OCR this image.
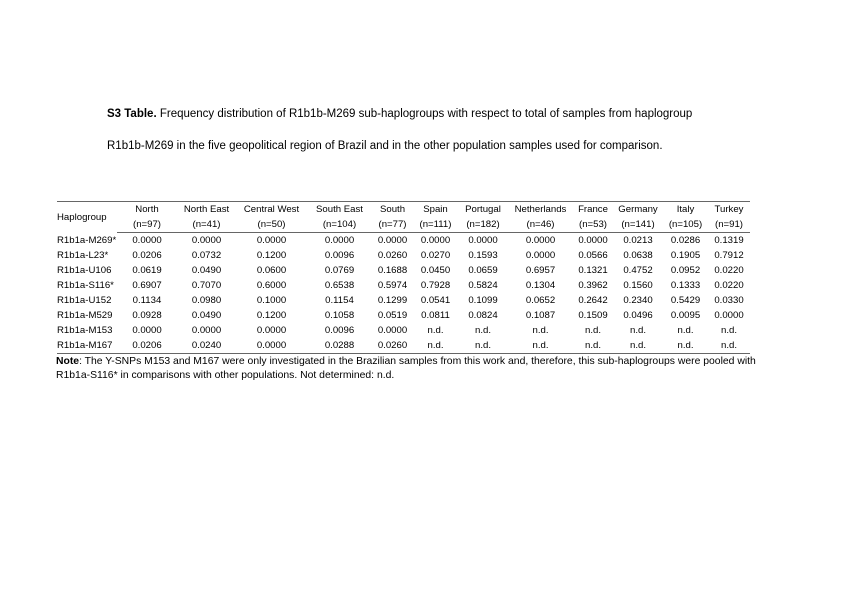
S3 Table. Frequency distribution of R1b1b-M269 sub-haplogroups with respect to total of samples from haplogroup
R1b1b-M269 in the five geopolitical region of Brazil and in the other population samples used for comparison.
Haplogroup	North	North East	Central West	South East	South	Spain	Portugal	Netherlands	France	Germany	Italy	Turkey
	(n=97)	(n=41)	(n=50)	(n=104)	(n=77)	(n=111)	(n=182)	(n=46)	(n=53)	(n=141)	(n=105)	(n=91)
R1b1a-M269*	0.0000	0.0000	0.0000	0.0000	0.0000	0.0000	0.0000	0.0000	0.0000	0.0213	0.0286	0.1319
R1b1a-L23*	0.0206	0.0732	0.1200	0.0096	0.0260	0.0270	0.1593	0.0000	0.0566	0.0638	0.1905	0.7912
R1b1a-U106	0.0619	0.0490	0.0600	0.0769	0.1688	0.0450	0.0659	0.6957	0.1321	0.4752	0.0952	0.0220
R1b1a-S116*	0.6907	0.7070	0.6000	0.6538	0.5974	0.7928	0.5824	0.1304	0.3962	0.1560	0.1333	0.0220
R1b1a-U152	0.1134	0.0980	0.1000	0.1154	0.1299	0.0541	0.1099	0.0652	0.2642	0.2340	0.5429	0.0330
R1b1a-M529	0.0928	0.0490	0.1200	0.1058	0.0519	0.0811	0.0824	0.1087	0.1509	0.0496	0.0095	0.0000
R1b1a-M153	0.0000	0.0000	0.0000	0.0096	0.0000	n.d.	n.d.	n.d.	n.d.	n.d.	n.d.	n.d.
R1b1a-M167	0.0206	0.0240	0.0000	0.0288	0.0260	n.d.	n.d.	n.d.	n.d.	n.d.	n.d.	n.d.
Note: The Y-SNPs M153 and M167 were only investigated in the Brazilian samples from this work and, therefore, this sub-haplogroups were pooled with R1b1a-S116* in comparisons with other populations. Not determined: n.d.
